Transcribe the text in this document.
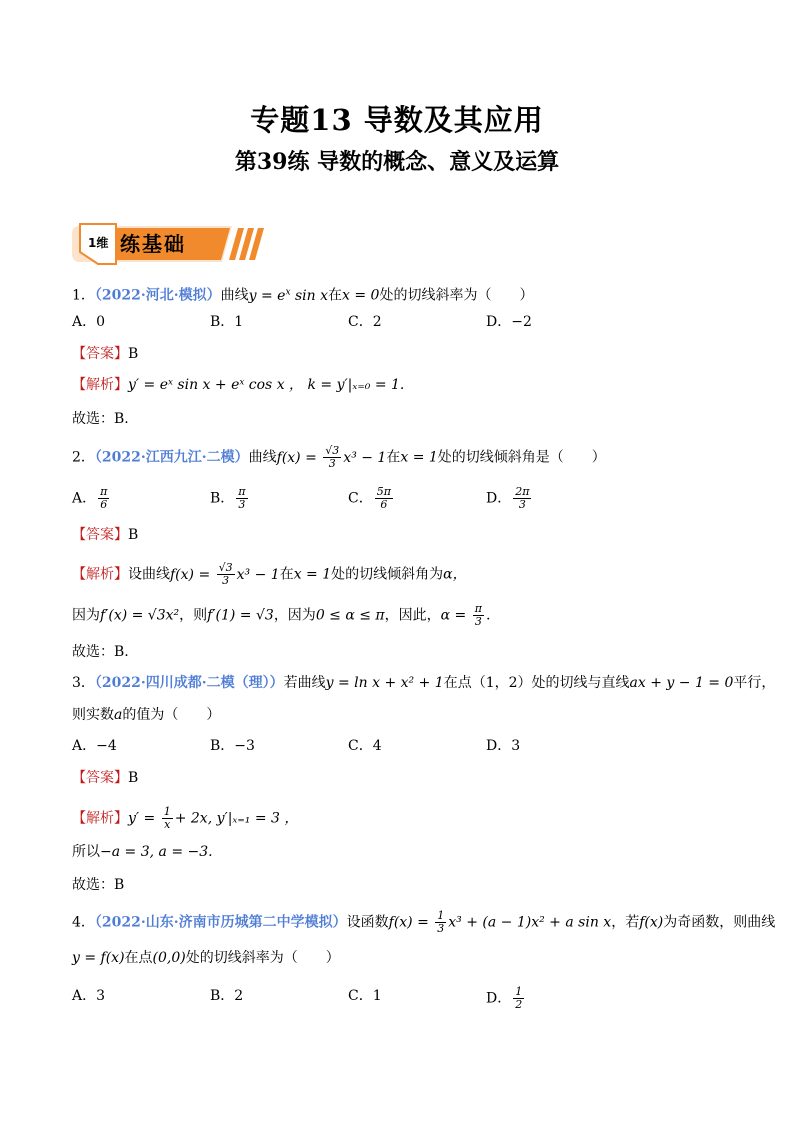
专题13 导数及其应用
第39练 导数的概念、意义及运算
1维 练基础
1．（2022·河北·模拟）曲线$y = e^x$ sin x在x = 0处的切线斜率为（　　）
A．0	B．1	C．2	D．−2
【答案】B
【解析】y′ = eˣ sin x + eˣ cos x ， k = y′|ₓ₌₀ = 1.
故选：B.
2．（2022·江西九江·二模）曲线$f(x) = \frac{√3}{3} x^3 - 1$在x = 1处的切线倾斜角是（　　）
A． $\frac{\pi}{6}$	B． $\frac{\pi}{3}$	C． $\frac{5\pi}{6}$	D． $\frac{2\pi}{3}$
【答案】B
【解析】设曲线$f(x) = \frac{√3}{3} x^3 - 1$在x = 1处的切线倾斜角为α，
因为f′(x) = √3x²，则f′(1) = √3，因为0 ≤ α ≤ π，因此，$\alpha = \frac{\pi}{3}$ .
故选：B.
3．（2022·四川成都·二模（理））若曲线y = ln x + x² + 1在点（1，2）处的切线与直线ax + y − 1 = 0平行，
则实数a的值为（　　）
A．−4	B．−3	C．4	D．3
【答案】B
【解析】$y' = \frac{1}{x} + 2x$, y′|ₓ₌₁ = 3 ，
所以−a = 3, a = −3.
故选：B
4．（2022·山东·济南市历城第二中学模拟）设函数$f(x) = \frac{1}{3} x^3 + (a - 1)x^2 + a$ sin x，若f(x)为奇函数，则曲线
y = f(x)在点(0,0)处的切线斜率为（　　）
A．3	B．2	C．1	D． $\frac{1}{2}$
